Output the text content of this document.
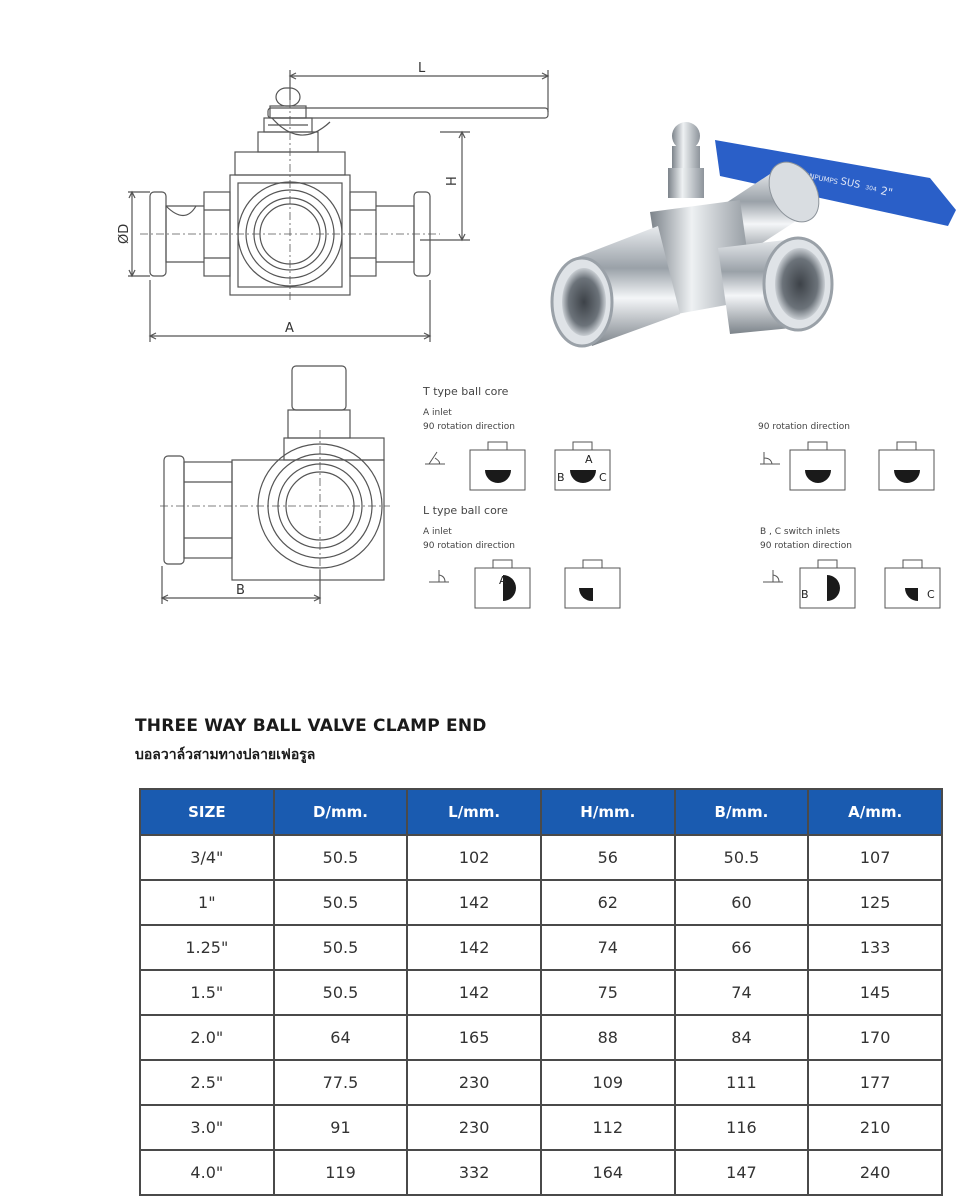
L
H
ØD
A
SUS 304 2"
B
T type ball core
A inlet
90 rotation direction	90 rotation direction
L type ball core
A inlet
90 rotation direction
B , C switch inlets
90 rotation direction
B
A
C
A
B	C
THREE WAY BALL VALVE CLAMP END
บอลวาล์วสามทางปลายเฟอรูล
SIZE	D/mm.	L/mm.	H/mm.	B/mm.	A/mm.
3/4"	50.5	102	56	50.5	107
1"	50.5	142	62	60	125
1.25"	50.5	142	74	66	133
1.5"	50.5	142	75	74	145
2.0"	64	165	88	84	170
2.5"	77.5	230	109	111	177
3.0"	91	230	112	116	210
4.0"	119	332	164	147	240
